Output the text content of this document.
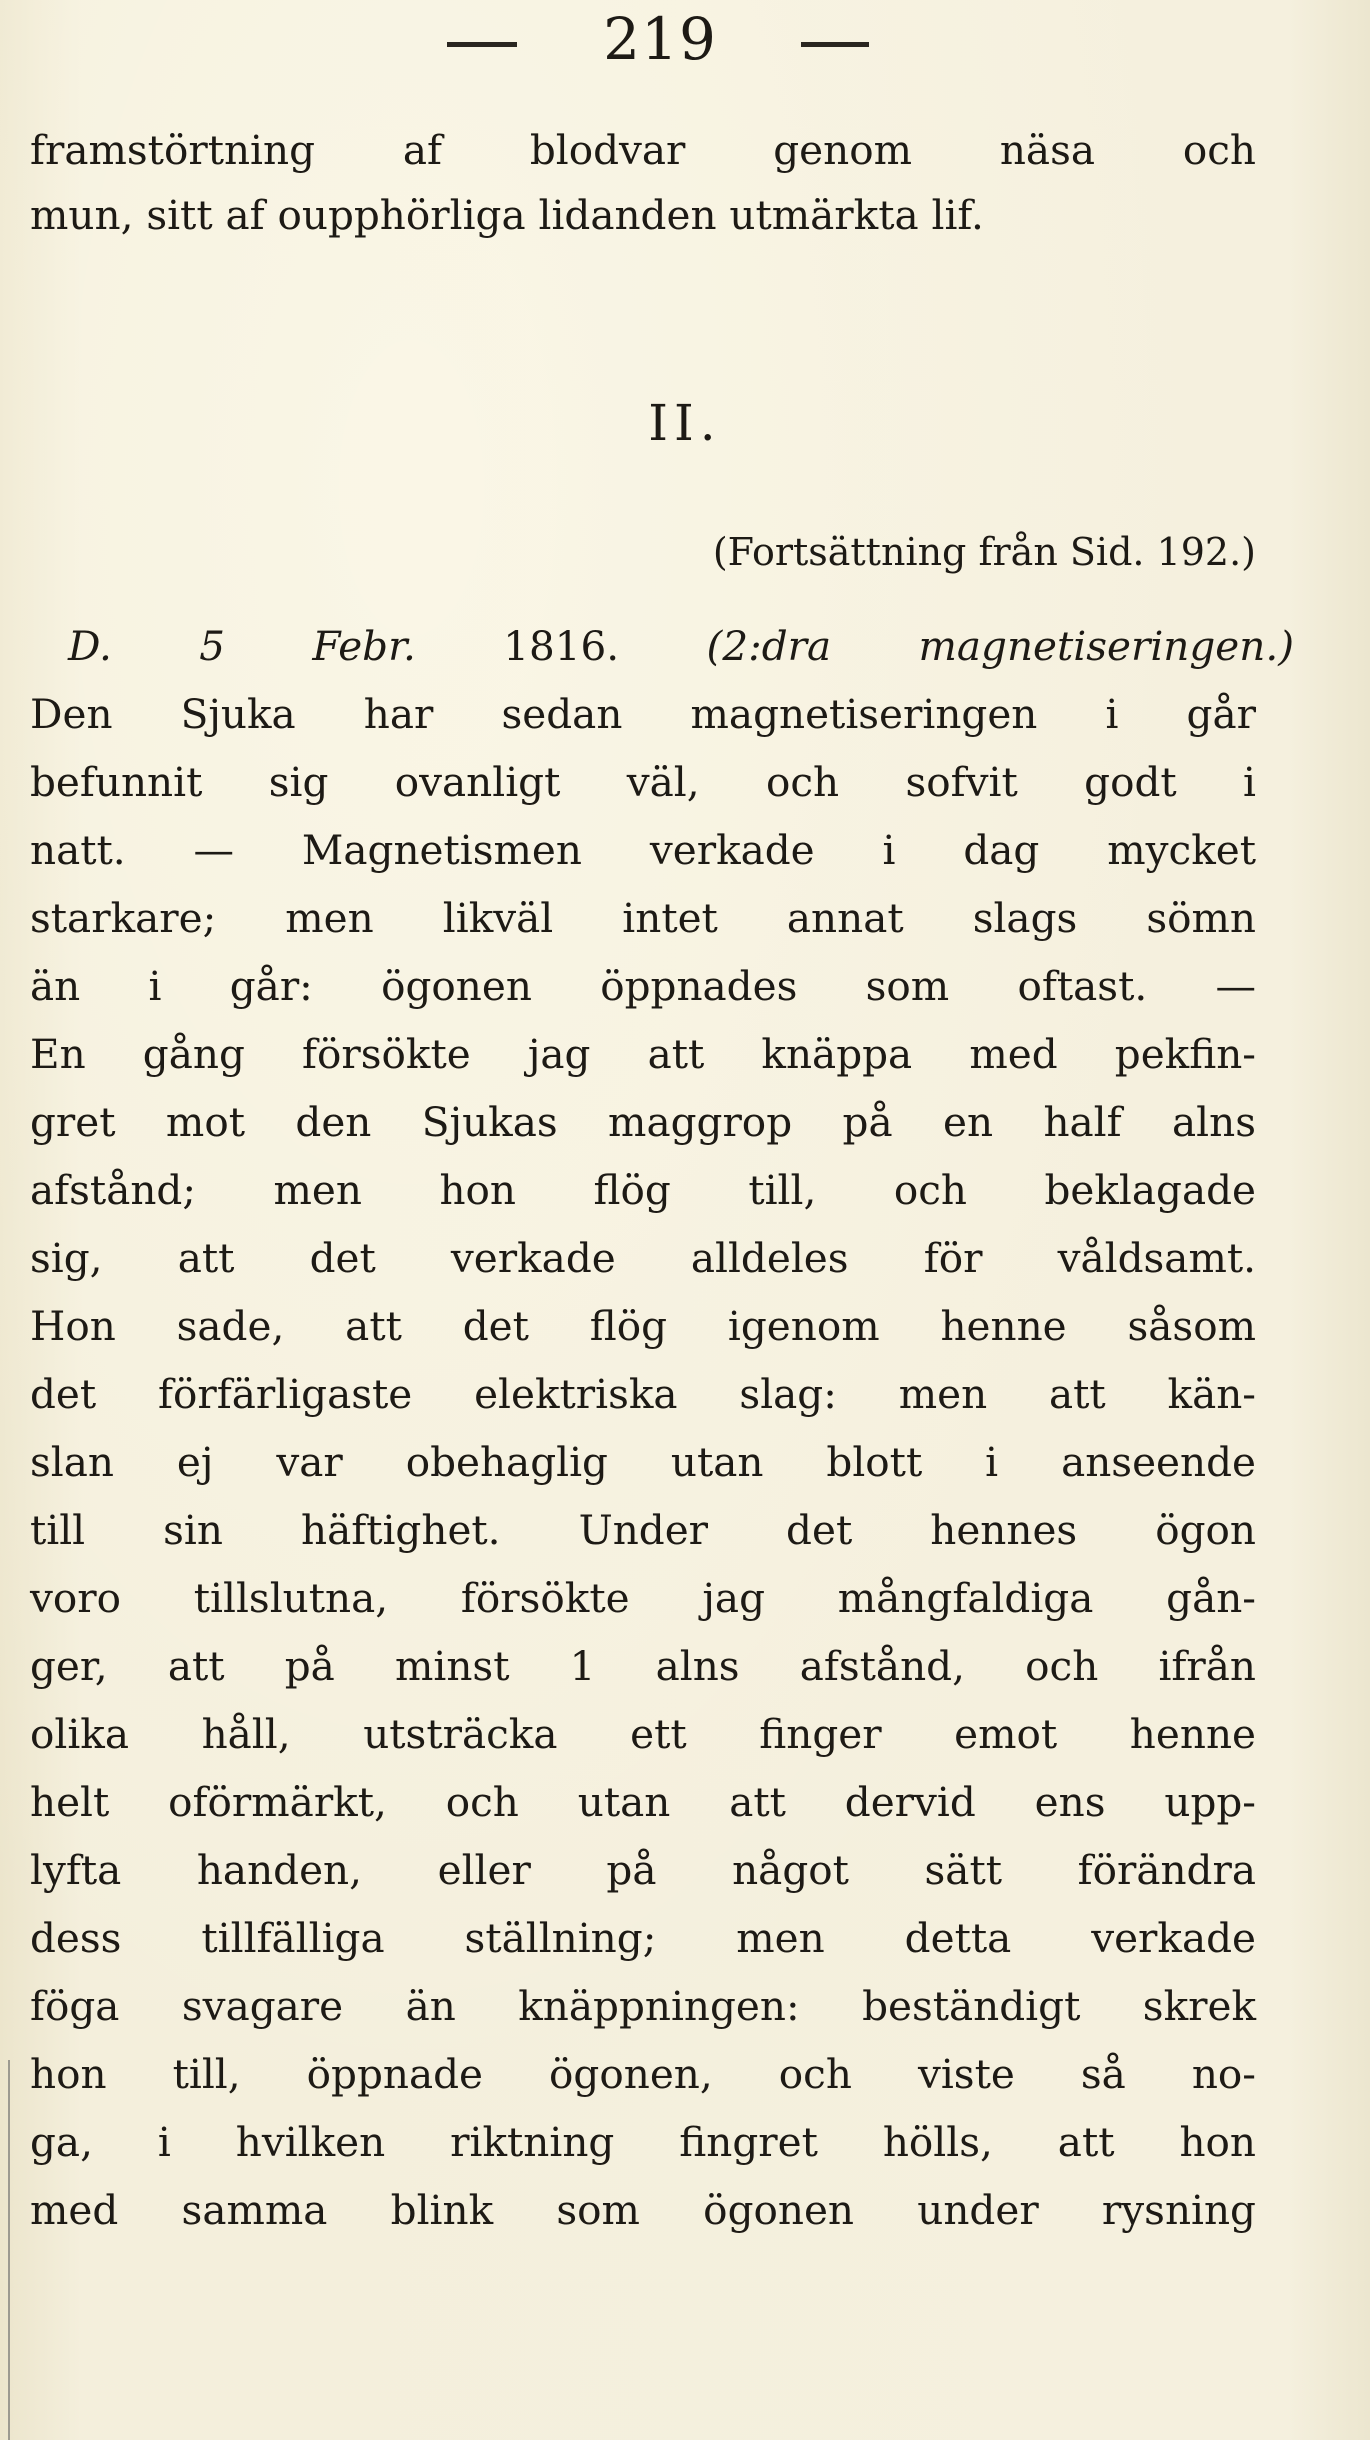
219
framstörtning af blodvar genom näsa och
mun, sitt af oupphörliga lidanden utmärkta lif.
II.
(Fortsättning från Sid. 192.)
D. 5 Febr. 1816. (2:dra magnetiseringen.)
Den Sjuka har sedan magnetiseringen i går
befunnit sig ovanligt väl, och sofvit godt i
natt. — Magnetismen verkade i dag mycket
starkare; men likväl intet annat slags sömn
än i går: ögonen öppnades som oftast. —
En gång försökte jag att knäppa med pekfin-
gret mot den Sjukas maggrop på en half alns
afstånd; men hon flög till, och beklagade
sig, att det verkade alldeles för våldsamt.
Hon sade, att det flög igenom henne såsom
det förfärligaste elektriska slag: men att kän-
slan ej var obehaglig utan blott i anseende
till sin häftighet. Under det hennes ögon
voro tillslutna, försökte jag mångfaldiga gån-
ger, att på minst 1 alns afstånd, och ifrån
olika håll, utsträcka ett finger emot henne
helt oförmärkt, och utan att dervid ens upp-
lyfta handen, eller på något sätt förändra
dess tillfälliga ställning; men detta verkade
föga svagare än knäppningen: beständigt skrek
hon till, öppnade ögonen, och viste så no-
ga, i hvilken riktning fingret hölls, att hon
med samma blink som ögonen under rysning
